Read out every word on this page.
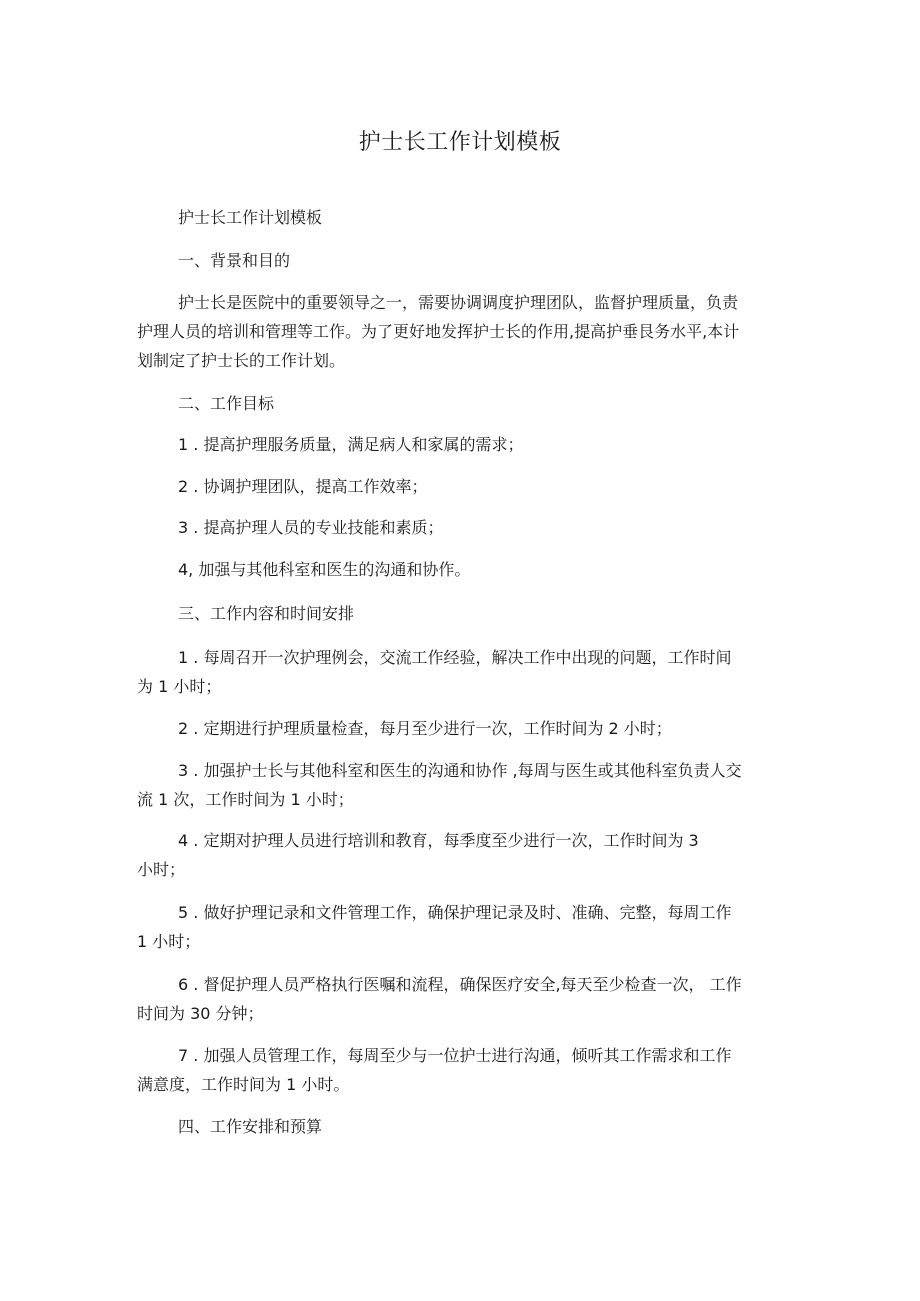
护士长工作计划模板
护士长工作计划模板
一、背景和目的
护士长是医院中的重要领导之一，需要协调调度护理团队，监督护理质量，负责
护理人员的培训和管理等工作。为了更好地发挥护士长的作用,提高护垂艮务水平,本计
划制定了护士长的工作计划。
二、工作目标
1 . 提高护理服务质量，满足病人和家属的需求；
2 . 协调护理团队，提高工作效率；
3 . 提高护理人员的专业技能和素质；
4, 加强与其他科室和医生的沟通和协作。
三、工作内容和时间安排
1 . 每周召开一次护理例会，交流工作经验，解决工作中出现的问题，工作时间
为 1 小时；
2 . 定期进行护理质量检查，每月至少进行一次，工作时间为 2 小时；
3 . 加强护士长与其他科室和医生的沟通和协作 ,每周与医生或其他科室负责人交
流 1 次，工作时间为 1 小时；
4 . 定期对护理人员进行培训和教育，每季度至少进行一次，工作时间为 3
小时；
5 . 做好护理记录和文件管理工作，确保护理记录及时、准确、完整，每周工作
1 小时；
6 . 督促护理人员严格执行医嘱和流程，确保医疗安全,每天至少检查一次， 工作
时间为 30 分钟；
7 . 加强人员管理工作，每周至少与一位护士进行沟通，倾听其工作需求和工作
满意度，工作时间为 1 小时。
四、工作安排和预算
